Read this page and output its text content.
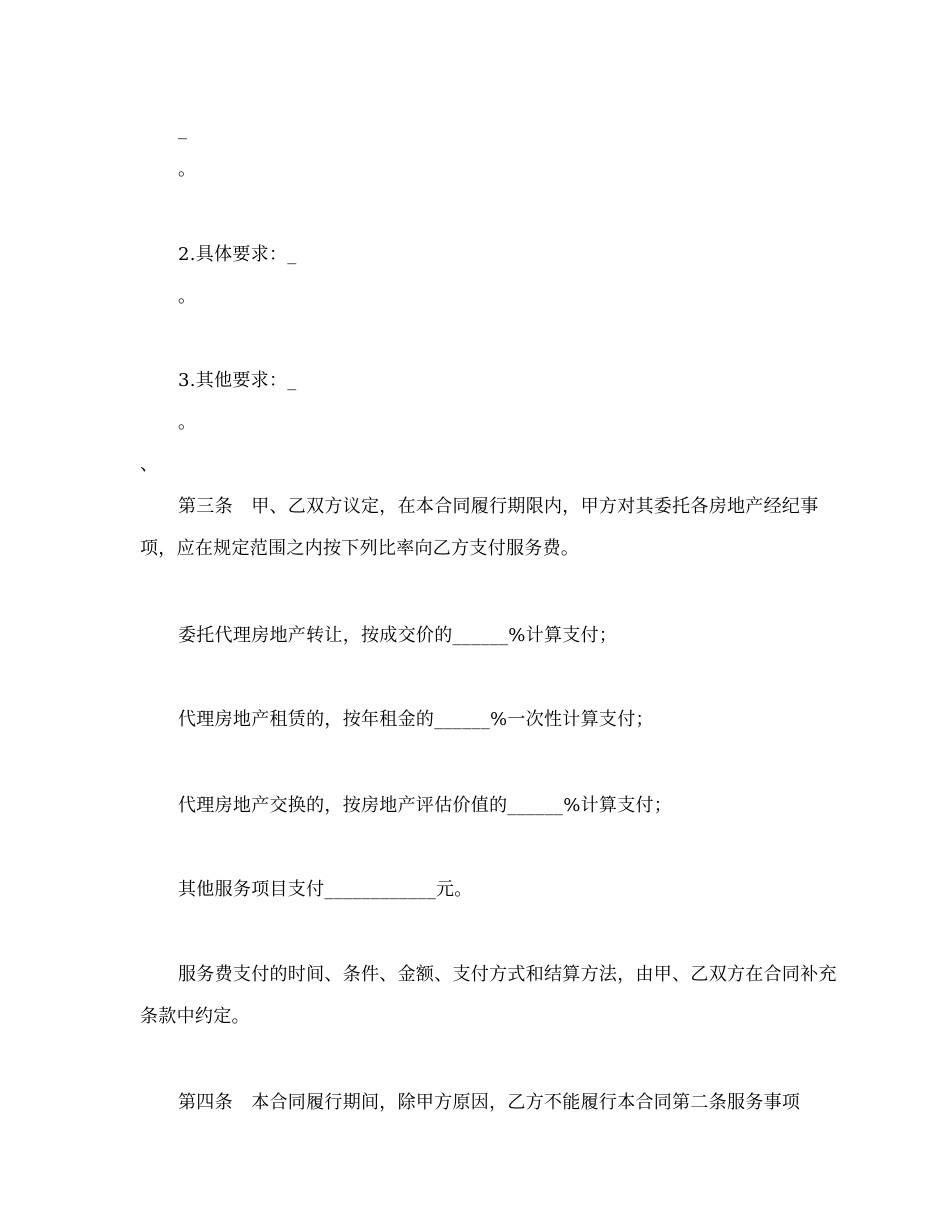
_
。
2.具体要求：_
。
3.其他要求：_
。
、
第三条　甲、乙双方议定，在本合同履行期限内，甲方对其委托各房地产经纪事
项，应在规定范围之内按下列比率向乙方支付服务费。
委托代理房地产转让，按成交价的______%计算支付；
代理房地产租赁的，按年租金的______%一次性计算支付；
代理房地产交换的，按房地产评估价值的______%计算支付；
其他服务项目支付____________元。
服务费支付的时间、条件、金额、支付方式和结算方法，由甲、乙双方在合同补充
条款中约定。
第四条　本合同履行期间，除甲方原因，乙方不能履行本合同第二条服务事项
